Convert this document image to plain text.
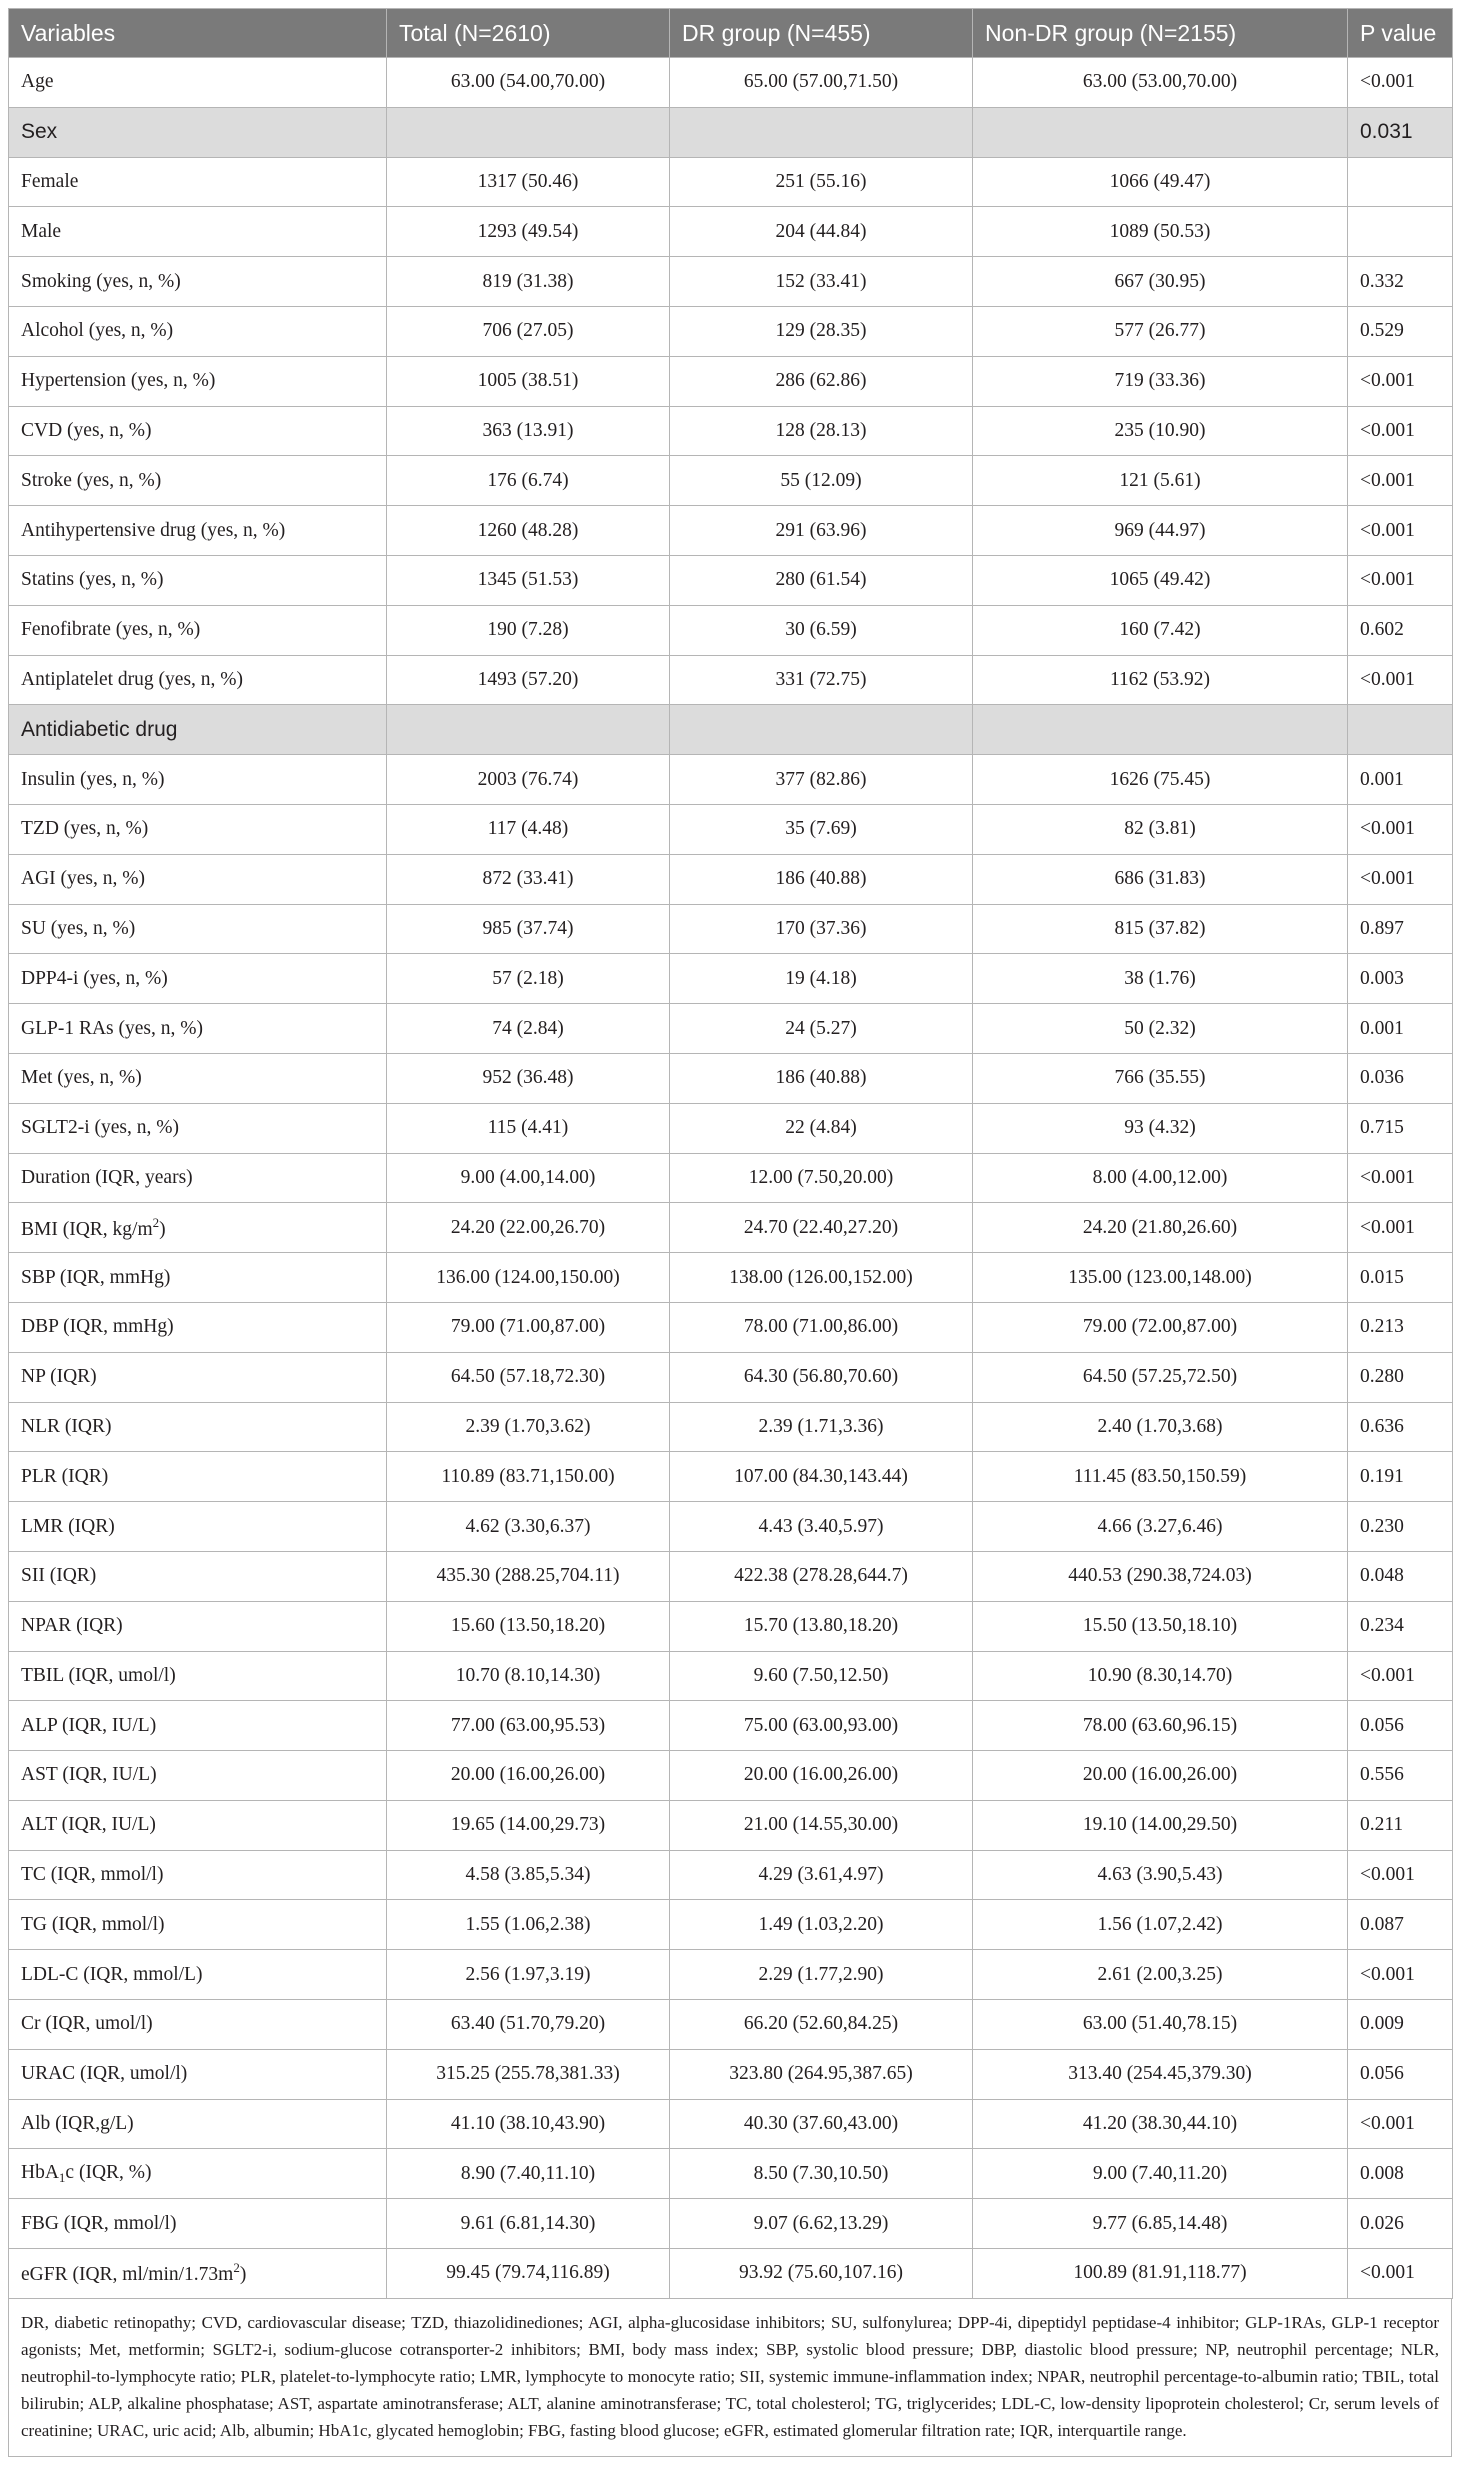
Variables	Total (N=2610)	DR group (N=455)	Non-DR group (N=2155)	P value
Age	63.00 (54.00,70.00)	65.00 (57.00,71.50)	63.00 (53.00,70.00)	<0.001
Sex				0.031
Female	1317 (50.46)	251 (55.16)	1066 (49.47)	
Male	1293 (49.54)	204 (44.84)	1089 (50.53)	
Smoking (yes, n, %)	819 (31.38)	152 (33.41)	667 (30.95)	0.332
Alcohol (yes, n, %)	706 (27.05)	129 (28.35)	577 (26.77)	0.529
Hypertension (yes, n, %)	1005 (38.51)	286 (62.86)	719 (33.36)	<0.001
CVD (yes, n, %)	363 (13.91)	128 (28.13)	235 (10.90)	<0.001
Stroke (yes, n, %)	176 (6.74)	55 (12.09)	121 (5.61)	<0.001
Antihypertensive drug (yes, n, %)	1260 (48.28)	291 (63.96)	969 (44.97)	<0.001
Statins (yes, n, %)	1345 (51.53)	280 (61.54)	1065 (49.42)	<0.001
Fenofibrate (yes, n, %)	190 (7.28)	30 (6.59)	160 (7.42)	0.602
Antiplatelet drug (yes, n, %)	1493 (57.20)	331 (72.75)	1162 (53.92)	<0.001
Antidiabetic drug				
Insulin (yes, n, %)	2003 (76.74)	377 (82.86)	1626 (75.45)	0.001
TZD (yes, n, %)	117 (4.48)	35 (7.69)	82 (3.81)	<0.001
AGI (yes, n, %)	872 (33.41)	186 (40.88)	686 (31.83)	<0.001
SU (yes, n, %)	985 (37.74)	170 (37.36)	815 (37.82)	0.897
DPP4-i (yes, n, %)	57 (2.18)	19 (4.18)	38 (1.76)	0.003
GLP-1 RAs (yes, n, %)	74 (2.84)	24 (5.27)	50 (2.32)	0.001
Met (yes, n, %)	952 (36.48)	186 (40.88)	766 (35.55)	0.036
SGLT2-i (yes, n, %)	115 (4.41)	22 (4.84)	93 (4.32)	0.715
Duration (IQR, years)	9.00 (4.00,14.00)	12.00 (7.50,20.00)	8.00 (4.00,12.00)	<0.001
BMI (IQR, $kg/m^2$)	24.20 (22.00,26.70)	24.70 (22.40,27.20)	24.20 (21.80,26.60)	<0.001
SBP (IQR, mmHg)	136.00 (124.00,150.00)	138.00 (126.00,152.00)	135.00 (123.00,148.00)	0.015
DBP (IQR, mmHg)	79.00 (71.00,87.00)	78.00 (71.00,86.00)	79.00 (72.00,87.00)	0.213
NP (IQR)	64.50 (57.18,72.30)	64.30 (56.80,70.60)	64.50 (57.25,72.50)	0.280
NLR (IQR)	2.39 (1.70,3.62)	2.39 (1.71,3.36)	2.40 (1.70,3.68)	0.636
PLR (IQR)	110.89 (83.71,150.00)	107.00 (84.30,143.44)	111.45 (83.50,150.59)	0.191
LMR (IQR)	4.62 (3.30,6.37)	4.43 (3.40,5.97)	4.66 (3.27,6.46)	0.230
SII (IQR)	435.30 (288.25,704.11)	422.38 (278.28,644.7)	440.53 (290.38,724.03)	0.048
NPAR (IQR)	15.60 (13.50,18.20)	15.70 (13.80,18.20)	15.50 (13.50,18.10)	0.234
TBIL (IQR, umol/l)	10.70 (8.10,14.30)	9.60 (7.50,12.50)	10.90 (8.30,14.70)	<0.001
ALP (IQR, IU/L)	77.00 (63.00,95.53)	75.00 (63.00,93.00)	78.00 (63.60,96.15)	0.056
AST (IQR, IU/L)	20.00 (16.00,26.00)	20.00 (16.00,26.00)	20.00 (16.00,26.00)	0.556
ALT (IQR, IU/L)	19.65 (14.00,29.73)	21.00 (14.55,30.00)	19.10 (14.00,29.50)	0.211
TC (IQR, mmol/l)	4.58 (3.85,5.34)	4.29 (3.61,4.97)	4.63 (3.90,5.43)	<0.001
TG (IQR, mmol/l)	1.55 (1.06,2.38)	1.49 (1.03,2.20)	1.56 (1.07,2.42)	0.087
LDL-C (IQR, mmol/L)	2.56 (1.97,3.19)	2.29 (1.77,2.90)	2.61 (2.00,3.25)	<0.001
Cr (IQR, umol/l)	63.40 (51.70,79.20)	66.20 (52.60,84.25)	63.00 (51.40,78.15)	0.009
URAC (IQR, umol/l)	315.25 (255.78,381.33)	323.80 (264.95,387.65)	313.40 (254.45,379.30)	0.056
Alb (IQR,g/L)	41.10 (38.10,43.90)	40.30 (37.60,43.00)	41.20 (38.30,44.10)	<0.001
HbA$_1$c (IQR, %)	8.90 (7.40,11.10)	8.50 (7.30,10.50)	9.00 (7.40,11.20)	0.008
FBG (IQR, mmol/l)	9.61 (6.81,14.30)	9.07 (6.62,13.29)	9.77 (6.85,14.48)	0.026
eGFR (IQR, $ml/\min/1.73m^2$)	99.45 (79.74,116.89)	93.92 (75.60,107.16)	100.89 (81.91,118.77)	<0.001
DR, diabetic retinopathy; CVD, cardiovascular disease; TZD, thiazolidinediones; AGI, alpha-glucosidase inhibitors; SU, sulfonylurea; DPP-4i, dipeptidyl peptidase-4 inhibitor; GLP-1RAs, GLP-1 receptor agonists; Met, metformin; SGLT2-i, sodium-glucose cotransporter-2 inhibitors; BMI, body mass index; SBP, systolic blood pressure; DBP, diastolic blood pressure; NP, neutrophil percentage; NLR, neutrophil-to-lymphocyte ratio; PLR, platelet-to-lymphocyte ratio; LMR, lymphocyte to monocyte ratio; SII, systemic immune-inflammation index; NPAR, neutrophil percentage-to-albumin ratio; TBIL, total bilirubin; ALP, alkaline phosphatase; AST, aspartate aminotransferase; ALT, alanine aminotransferase; TC, total cholesterol; TG, triglycerides; LDL-C, low-density lipoprotein cholesterol; Cr, serum levels of creatinine; URAC, uric acid; Alb, albumin; HbA1c, glycated hemoglobin; FBG, fasting blood glucose; eGFR, estimated glomerular filtration rate; IQR, interquartile range.
